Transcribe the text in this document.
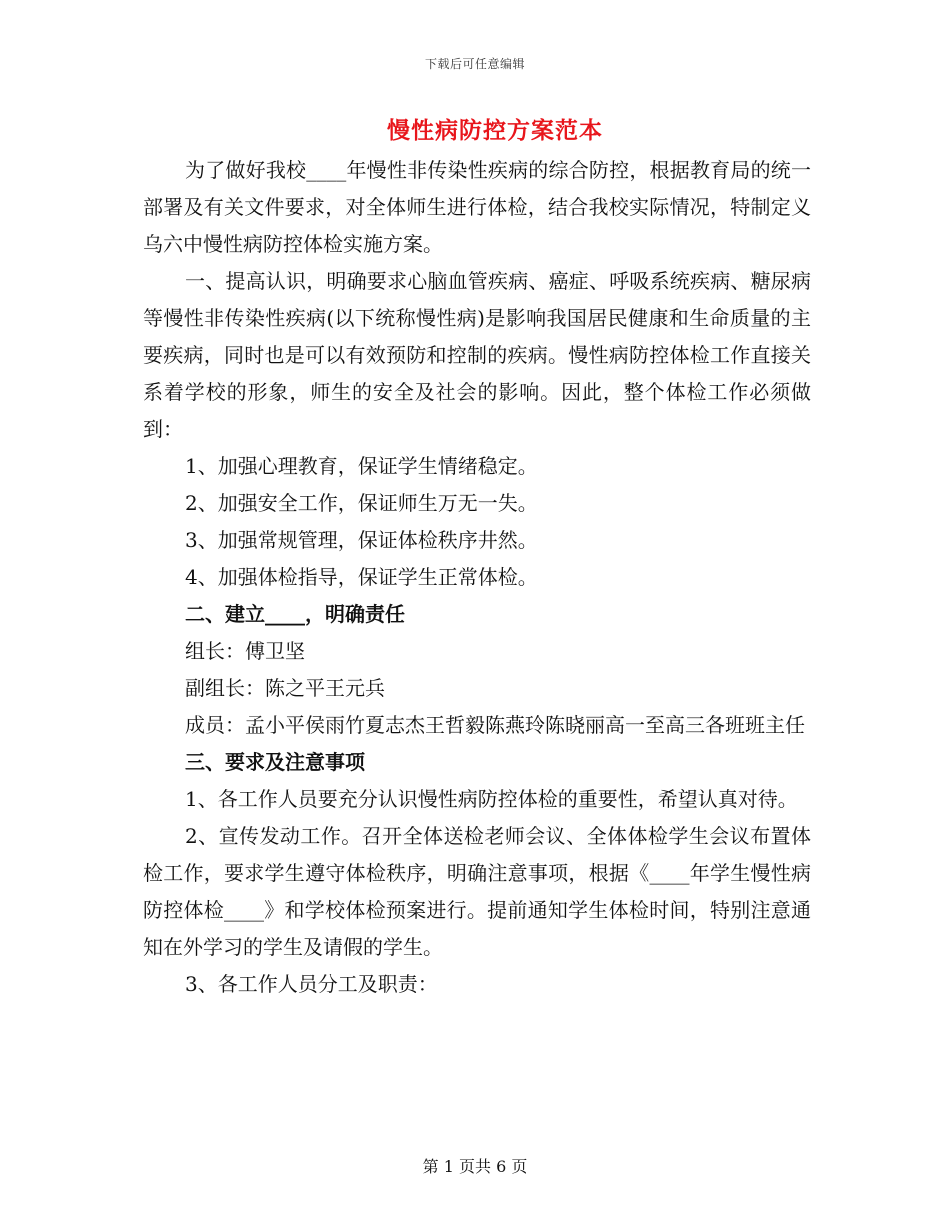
下载后可任意编辑
慢性病防控方案范本

为了做好我校____年慢性非传染性疾病的综合防控，根据教育局的统一部署及有关文件要求，对全体师生进行体检，结合我校实际情况，特制定义乌六中慢性病防控体检实施方案。

一、提高认识，明确要求心脑血管疾病、癌症、呼吸系统疾病、糖尿病等慢性非传染性疾病(以下统称慢性病)是影响我国居民健康和生命质量的主要疾病，同时也是可以有效预防和控制的疾病。慢性病防控体检工作直接关系着学校的形象，师生的安全及社会的影响。因此，整个体检工作必须做到：

1、加强心理教育，保证学生情绪稳定。

2、加强安全工作，保证师生万无一失。

3、加强常规管理，保证体检秩序井然。

4、加强体检指导，保证学生正常体检。

二、建立____，明确责任

组长：傅卫坚

副组长：陈之平王元兵

成员：孟小平侯雨竹夏志杰王哲毅陈燕玲陈晓丽高一至高三各班班主任

三、要求及注意事项

1、各工作人员要充分认识慢性病防控体检的重要性，希望认真对待。

2、宣传发动工作。召开全体送检老师会议、全体体检学生会议布置体检工作，要求学生遵守体检秩序，明确注意事项，根据《____年学生慢性病防控体检____》和学校体检预案进行。提前通知学生体检时间，特别注意通知在外学习的学生及请假的学生。

3、各工作人员分工及职责：

第 1 页共 6 页
